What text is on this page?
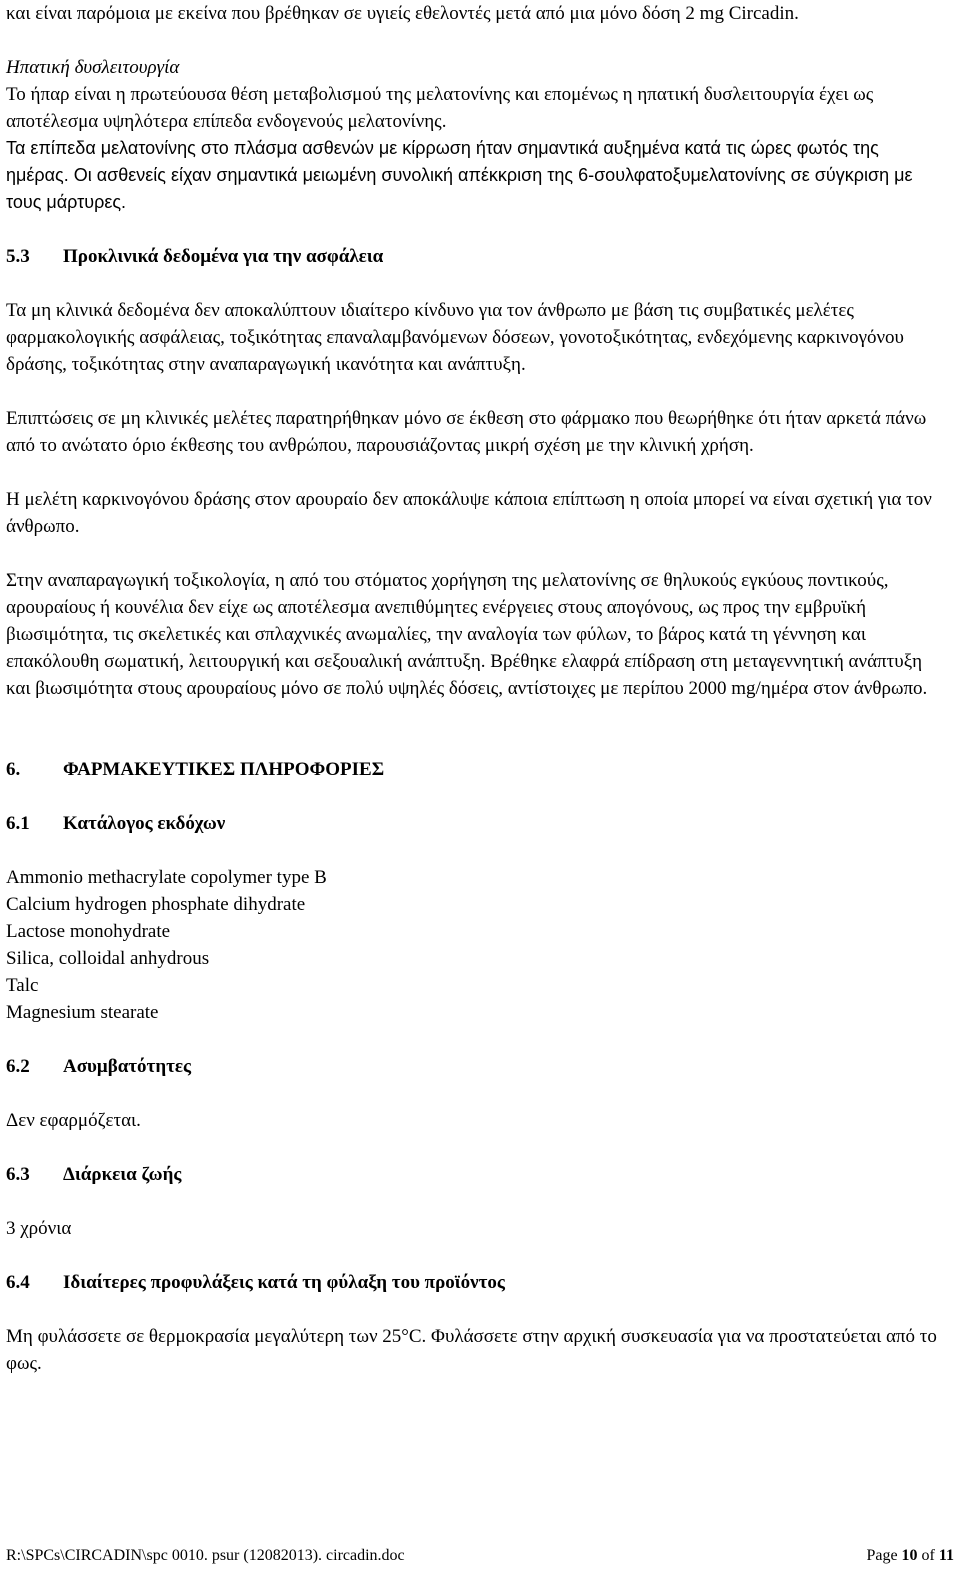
και είναι παρόμοια με εκείνα που βρέθηκαν σε υγιείς εθελοντές μετά από μια μόνο δόση 2 mg Circadin.

Ηπατική δυσλειτουργία

Το ήπαρ είναι η πρωτεύουσα θέση μεταβολισμού της μελατονίνης και επομένως η ηπατική δυσλειτουργία έχει ως αποτέλεσμα υψηλότερα επίπεδα ενδογενούς μελατονίνης.

Τα επίπεδα μελατονίνης στο πλάσμα ασθενών με κίρρωση ήταν σημαντικά αυξημένα κατά τις ώρες φωτός της ημέρας. Οι ασθενείς είχαν σημαντικά μειωμένη συνολική απέκκριση της 6-σουλφατοξυμελατονίνης σε σύγκριση με τους μάρτυρες.

5.3	Προκλινικά δεδομένα για την ασφάλεια

Τα μη κλινικά δεδομένα δεν αποκαλύπτουν ιδιαίτερο κίνδυνο για τον άνθρωπο με βάση τις συμβατικές μελέτες φαρμακολογικής ασφάλειας, τοξικότητας επαναλαμβανόμενων δόσεων, γονοτοξικότητας, ενδεχόμενης καρκινογόνου δράσης, τοξικότητας στην αναπαραγωγική ικανότητα και ανάπτυξη.

Επιπτώσεις σε μη κλινικές μελέτες παρατηρήθηκαν μόνο σε έκθεση στο φάρμακο που θεωρήθηκε ότι ήταν αρκετά πάνω από το ανώτατο όριο έκθεσης του ανθρώπου, παρουσιάζοντας μικρή σχέση με την κλινική χρήση.

Η μελέτη καρκινογόνου δράσης στον αρουραίο δεν αποκάλυψε κάποια επίπτωση η οποία μπορεί να είναι σχετική για τον άνθρωπο.

Στην αναπαραγωγική τοξικολογία, η από του στόματος χορήγηση της μελατονίνης σε θηλυκούς εγκύους ποντικούς, αρουραίους ή κουνέλια δεν είχε ως αποτέλεσμα ανεπιθύμητες ενέργειες στους απογόνους, ως προς την εμβρυϊκή βιωσιμότητα, τις σκελετικές και σπλαχνικές ανωμαλίες, την αναλογία των φύλων, το βάρος κατά τη γέννηση και επακόλουθη σωματική, λειτουργική και σεξουαλική ανάπτυξη. Βρέθηκε ελαφρά επίδραση στη μεταγεννητική ανάπτυξη και βιωσιμότητα στους αρουραίους μόνο σε πολύ υψηλές δόσεις, αντίστοιχες με περίπου 2000 mg/ημέρα στον άνθρωπο.

6.	ΦΑΡΜΑΚΕΥΤΙΚΕΣ ΠΛΗΡΟΦΟΡΙΕΣ
6.1	Κατάλογος εκδόχων
Ammonio methacrylate copolymer type B
Calcium hydrogen phosphate dihydrate
Lactose monohydrate
Silica, colloidal anhydrous
Talc
Magnesium stearate
6.2	Ασυμβατότητες

Δεν εφαρμόζεται.

6.3	Διάρκεια ζωής

3 χρόνια

6.4	Ιδιαίτερες προφυλάξεις κατά τη φύλαξη του προϊόντος

Μη φυλάσσετε σε θερμοκρασία μεγαλύτερη των 25°C. Φυλάσσετε στην αρχική συσκευασία για να προστατεύεται από το φως.

R:\SPCs\CIRCADIN\spc 0010. psur (12082013). circadin.doc	Page 10 of 11
